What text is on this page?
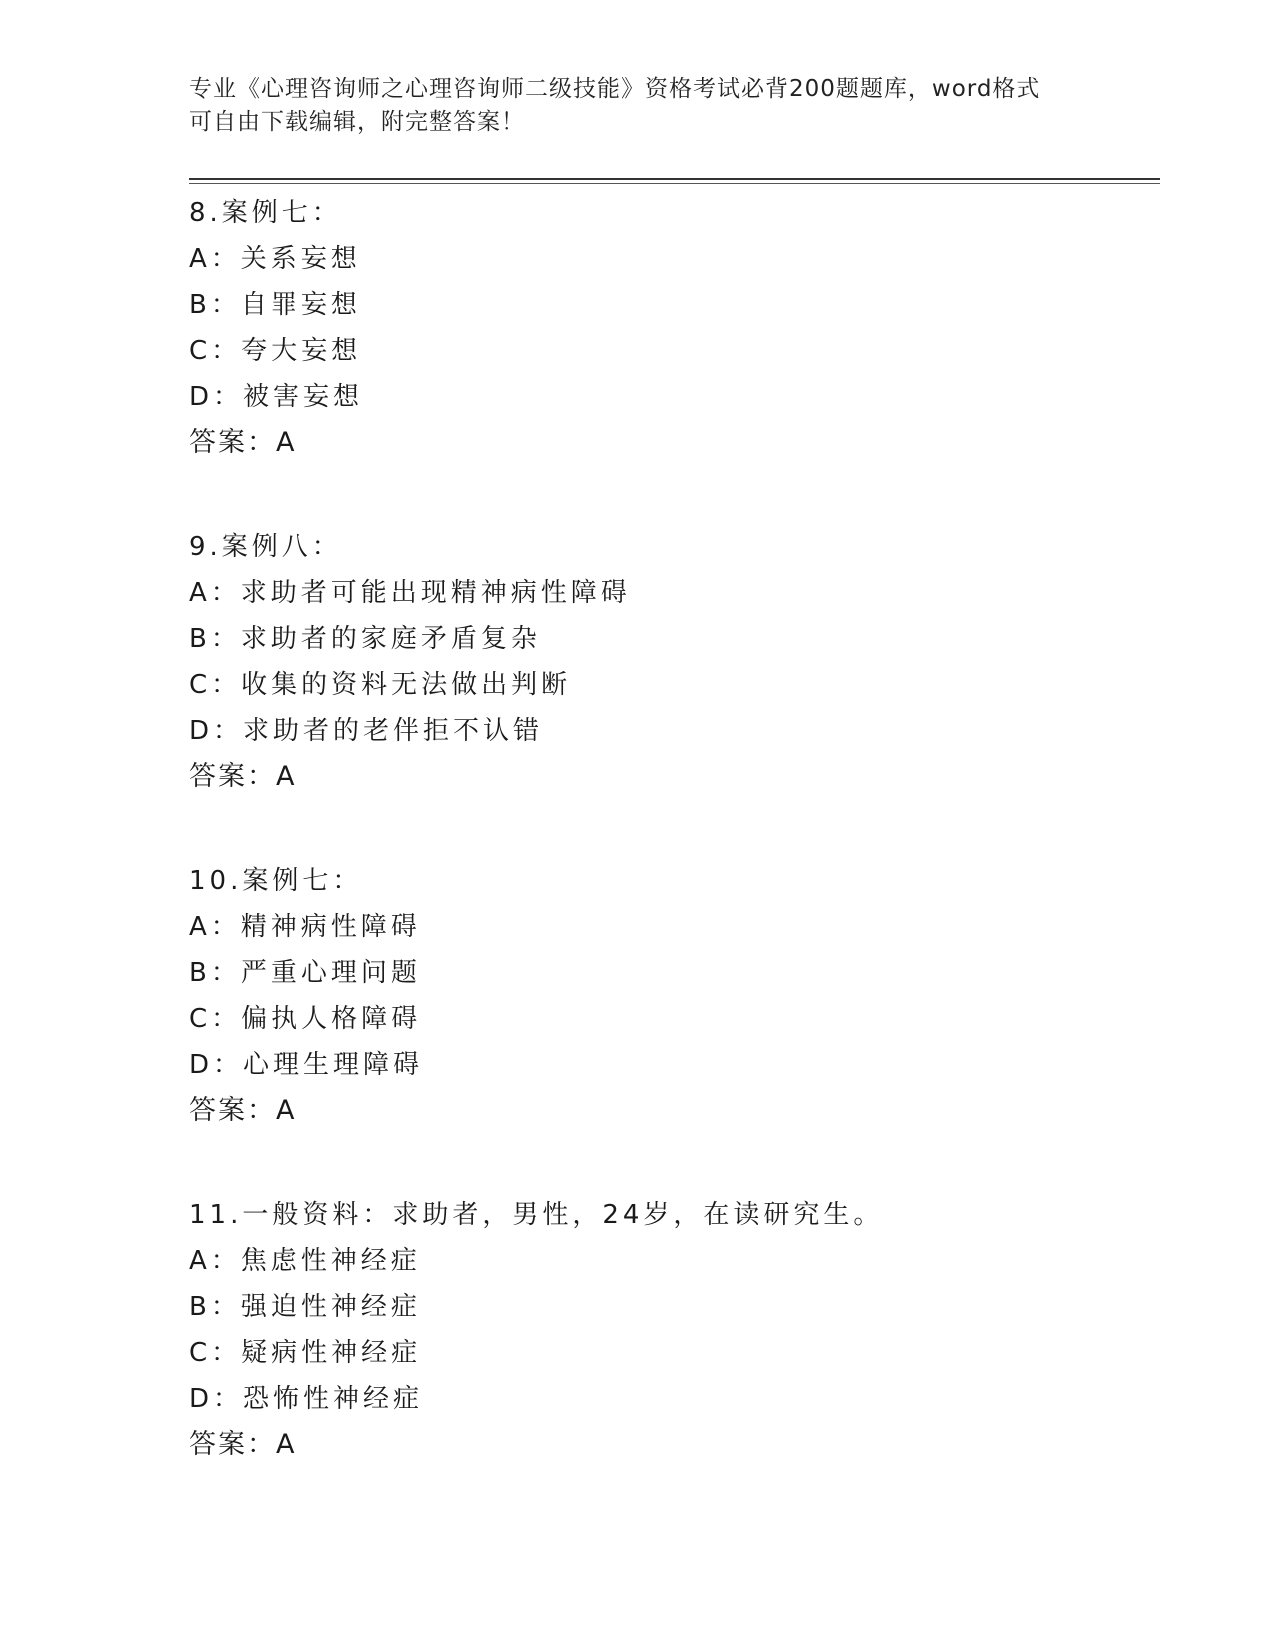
专业《心理咨询师之心理咨询师二级技能》资格考试必背200题题库，word格式
可自由下载编辑，附完整答案！
8.案例七：
A：关系妄想
B：自罪妄想
C：夸大妄想
D：被害妄想
答案：A
9.案例八：
A：求助者可能出现精神病性障碍
B：求助者的家庭矛盾复杂
C：收集的资料无法做出判断
D：求助者的老伴拒不认错
答案：A
10.案例七：
A：精神病性障碍
B：严重心理问题
C：偏执人格障碍
D：心理生理障碍
答案：A
11.一般资料：求助者，男性，24岁，在读研究生。
A：焦虑性神经症
B：强迫性神经症
C：疑病性神经症
D：恐怖性神经症
答案：A
